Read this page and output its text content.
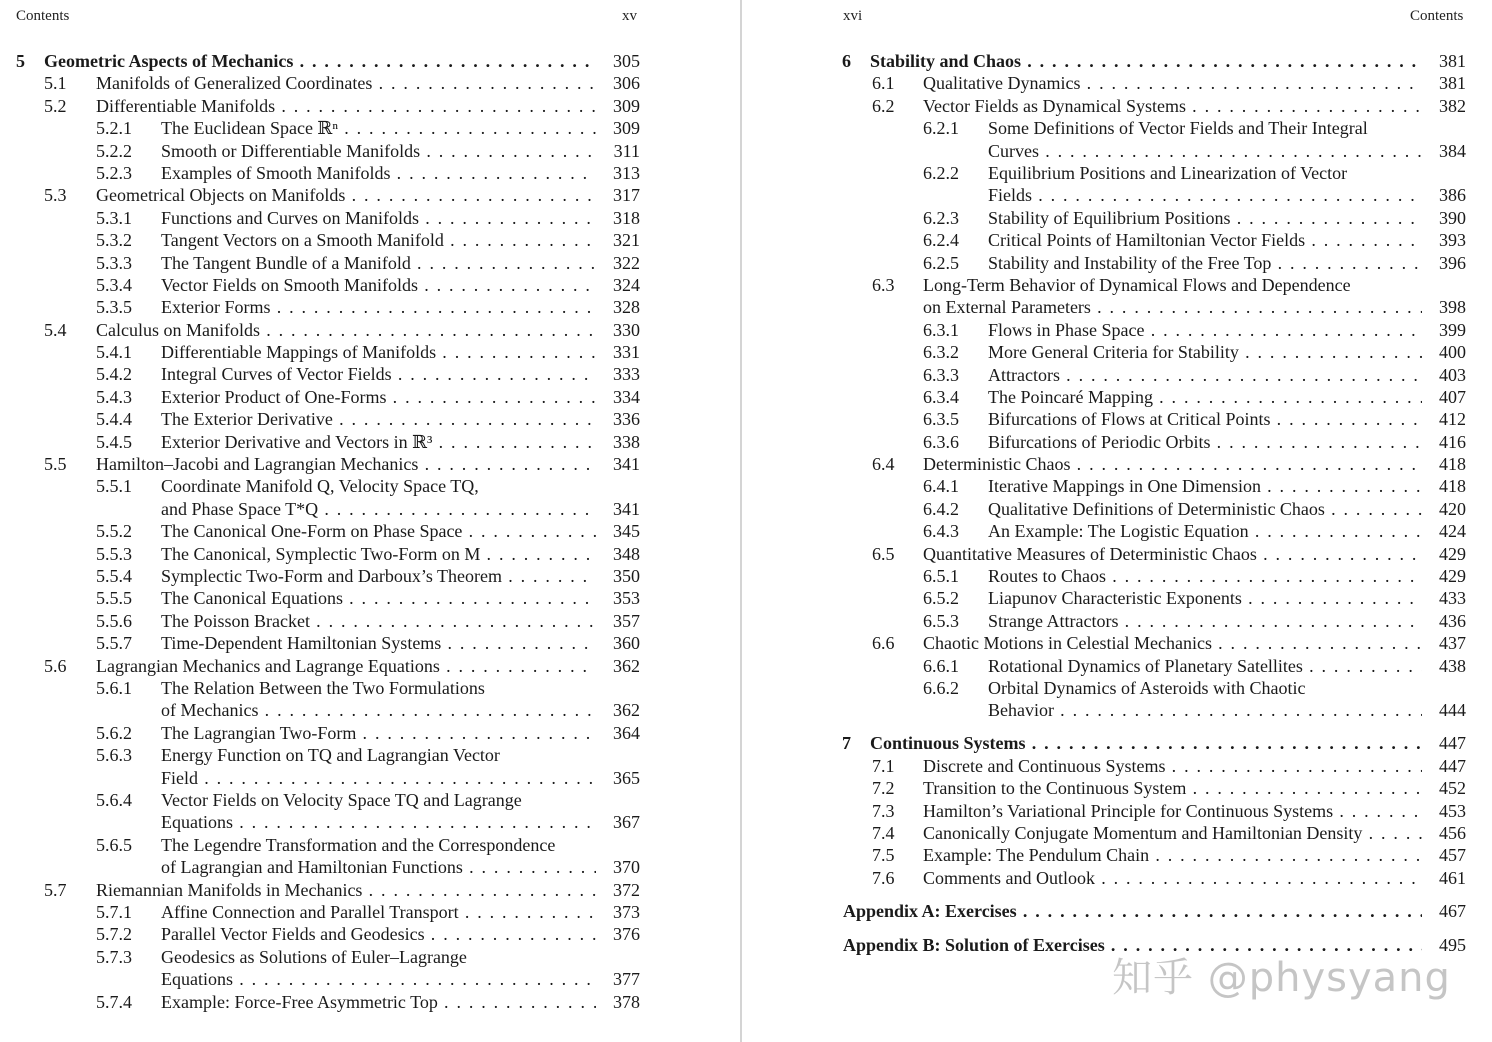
Contents	xv
5 Geometric Aspects of Mechanics . . .	305
5.1 Manifolds of Generalized Coordinates . . .	306
5.2 Differentiable Manifolds . . .	309
5.2.1 The Euclidean Space ℝⁿ . . .	309
5.2.2 Smooth or Differentiable Manifolds . . .	311
5.2.3 Examples of Smooth Manifolds . . .	313
5.3 Geometrical Objects on Manifolds . . .	317
5.3.1 Functions and Curves on Manifolds . . .	318
5.3.2 Tangent Vectors on a Smooth Manifold . . .	321
5.3.3 The Tangent Bundle of a Manifold . . .	322
5.3.4 Vector Fields on Smooth Manifolds . . .	324
5.3.5 Exterior Forms . . .	328
5.4 Calculus on Manifolds . . .	330
5.4.1 Differentiable Mappings of Manifolds . . .	331
5.4.2 Integral Curves of Vector Fields . . .	333
5.4.3 Exterior Product of One-Forms . . .	334
5.4.4 The Exterior Derivative . . .	336
5.4.5 Exterior Derivative and Vectors in ℝ³ . . .	338
5.5 Hamilton–Jacobi and Lagrangian Mechanics . . .	341
5.5.1 Coordinate Manifold Q, Velocity Space TQ,
and Phase Space T*Q . . .	341
5.5.2 The Canonical One-Form on Phase Space . . .	345
5.5.3 The Canonical, Symplectic Two-Form on M . . .	348
5.5.4 Symplectic Two-Form and Darboux’s Theorem . . .	350
5.5.5 The Canonical Equations . . .	353
5.5.6 The Poisson Bracket . . .	357
5.5.7 Time-Dependent Hamiltonian Systems . . .	360
5.6 Lagrangian Mechanics and Lagrange Equations . . .	362
5.6.1 The Relation Between the Two Formulations
of Mechanics . . .	362
5.6.2 The Lagrangian Two-Form . . .	364
5.6.3 Energy Function on TQ and Lagrangian Vector
Field . . .	365
5.6.4 Vector Fields on Velocity Space TQ and Lagrange
Equations . . .	367
5.6.5 The Legendre Transformation and the Correspondence
of Lagrangian and Hamiltonian Functions . . .	370
5.7 Riemannian Manifolds in Mechanics . . .	372
5.7.1 Affine Connection and Parallel Transport . . .	373
5.7.2 Parallel Vector Fields and Geodesics . . .	376
5.7.3 Geodesics as Solutions of Euler–Lagrange
Equations . . .	377
5.7.4 Example: Force-Free Asymmetric Top . . .	378
xvi	Contents
6 Stability and Chaos . . .	381
6.1 Qualitative Dynamics . . .	381
6.2 Vector Fields as Dynamical Systems . . .	382
6.2.1 Some Definitions of Vector Fields and Their Integral
Curves . . .	384
6.2.2 Equilibrium Positions and Linearization of Vector
Fields . . .	386
6.2.3 Stability of Equilibrium Positions . . .	390
6.2.4 Critical Points of Hamiltonian Vector Fields . . .	393
6.2.5 Stability and Instability of the Free Top . . .	396
6.3 Long-Term Behavior of Dynamical Flows and Dependence
on External Parameters . . .	398
6.3.1 Flows in Phase Space . . .	399
6.3.2 More General Criteria for Stability . . .	400
6.3.3 Attractors . . .	403
6.3.4 The Poincaré Mapping . . .	407
6.3.5 Bifurcations of Flows at Critical Points . . .	412
6.3.6 Bifurcations of Periodic Orbits . . .	416
6.4 Deterministic Chaos . . .	418
6.4.1 Iterative Mappings in One Dimension . . .	418
6.4.2 Qualitative Definitions of Deterministic Chaos . . .	420
6.4.3 An Example: The Logistic Equation . . .	424
6.5 Quantitative Measures of Deterministic Chaos . . .	429
6.5.1 Routes to Chaos . . .	429
6.5.2 Liapunov Characteristic Exponents . . .	433
6.5.3 Strange Attractors . . .	436
6.6 Chaotic Motions in Celestial Mechanics . . .	437
6.6.1 Rotational Dynamics of Planetary Satellites . . .	438
6.6.2 Orbital Dynamics of Asteroids with Chaotic
Behavior . . .	444
7 Continuous Systems . . .	447
7.1 Discrete and Continuous Systems . . .	447
7.2 Transition to the Continuous System . . .	452
7.3 Hamilton’s Variational Principle for Continuous Systems . . .	453
7.4 Canonically Conjugate Momentum and Hamiltonian Density . . .	456
7.5 Example: The Pendulum Chain . . .	457
7.6 Comments and Outlook . . .	461
Appendix A: Exercises . . .	467
Appendix B: Solution of Exercises . . .	495
知乎 @physyang
